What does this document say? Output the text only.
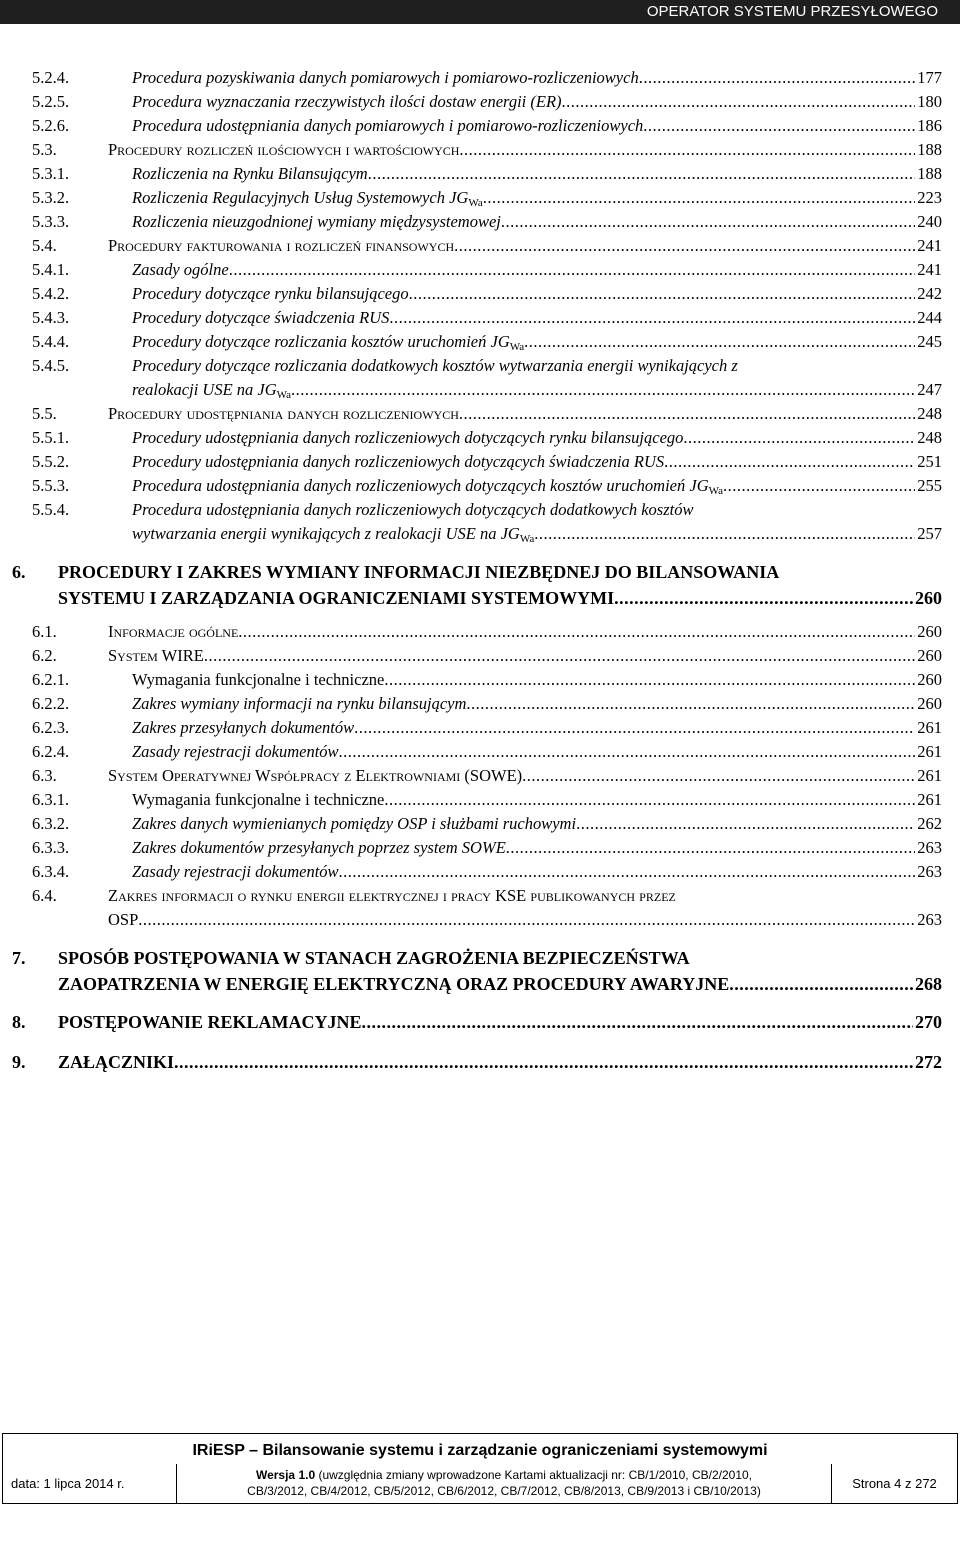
OPERATOR SYSTEMU PRZESYŁOWEGO
5.2.4.	Procedura pozyskiwania danych pomiarowych i pomiarowo-rozliczeniowych .....	177
5.2.5.	Procedura wyznaczania rzeczywistych ilości dostaw energii (ER) .....	180
5.2.6.	Procedura udostępniania danych pomiarowych i pomiarowo-rozliczeniowych .....	186
5.3.	Procedury rozliczeń ilościowych i wartościowych .....	188
5.3.1.	Rozliczenia na Rynku Bilansującym .....	188
5.3.2.	Rozliczenia Regulacyjnych Usług Systemowych $JG_{Wa}$ .....	223
5.3.3.	Rozliczenia nieuzgodnionej wymiany międzysystemowej .....	240
5.4.	Procedury fakturowania i rozliczeń finansowych .....	241
5.4.1.	Zasady ogólne .....	241
5.4.2.	Procedury dotyczące rynku bilansującego .....	242
5.4.3.	Procedury dotyczące świadczenia RUS .....	244
5.4.4.	Procedury dotyczące rozliczania kosztów uruchomień $JG_{Wa}$ .....	245
5.4.5.	Procedury dotyczące rozliczania dodatkowych kosztów wytwarzania energii wynikających z
realokacji USE na $JG_{Wa}$ .....	247
5.5.	Procedury udostępniania danych rozliczeniowych .....	248
5.5.1.	Procedury udostępniania danych rozliczeniowych dotyczących rynku bilansującego .....	248
5.5.2.	Procedury udostępniania danych rozliczeniowych dotyczących świadczenia RUS .....	251
5.5.3.	Procedura udostępniania danych rozliczeniowych dotyczących kosztów uruchomień $JG_{Wa}$ .....	255
5.5.4.	Procedura udostępniania danych rozliczeniowych dotyczących dodatkowych kosztów
wytwarzania energii wynikających z realokacji USE na $JG_{Wa}$ .....	257
6. PROCEDURY I ZAKRES WYMIANY INFORMACJI NIEZBĘDNEJ DO BILANSOWANIA
SYSTEMU I ZARZĄDZANIA OGRANICZENIAMI SYSTEMOWYMI .....	260
6.1.	Informacje ogólne .....	260
6.2.	System WIRE .....	260
6.2.1.	Wymagania funkcjonalne i techniczne .....	260
6.2.2.	Zakres wymiany informacji na rynku bilansującym .....	260
6.2.3.	Zakres przesyłanych dokumentów .....	261
6.2.4.	Zasady rejestracji dokumentów .....	261
6.3.	System Operatywnej Współpracy z Elektrowniami (SOWE) .....	261
6.3.1.	Wymagania funkcjonalne i techniczne .....	261
6.3.2.	Zakres danych wymienianych pomiędzy OSP i służbami ruchowymi .....	262
6.3.3.	Zakres dokumentów przesyłanych poprzez system SOWE .....	263
6.3.4.	Zasady rejestracji dokumentów .....	263
6.4.	Zakres informacji o rynku energii elektrycznej i pracy KSE publikowanych przez
OSP .....	263
7. SPOSÓB POSTĘPOWANIA W STANACH ZAGROŻENIA BEZPIECZEŃSTWA
ZAOPATRZENIA W ENERGIĘ ELEKTRYCZNĄ ORAZ PROCEDURY AWARYJNE .....	268
8. POSTĘPOWANIE REKLAMACYJNE .....	270
9. ZAŁĄCZNIKI .....	272
IRiESP – Bilansowanie systemu i zarządzanie ograniczeniami systemowymi
data: 1 lipca 2014 r.	Wersja 1.0 (uwzględnia zmiany wprowadzone Kartami aktualizacji nr: CB/1/2010, CB/2/2010,
CB/3/2012, CB/4/2012, CB/5/2012, CB/6/2012, CB/7/2012, CB/8/2013, CB/9/2013 i CB/10/2013)	Strona 4 z 272
